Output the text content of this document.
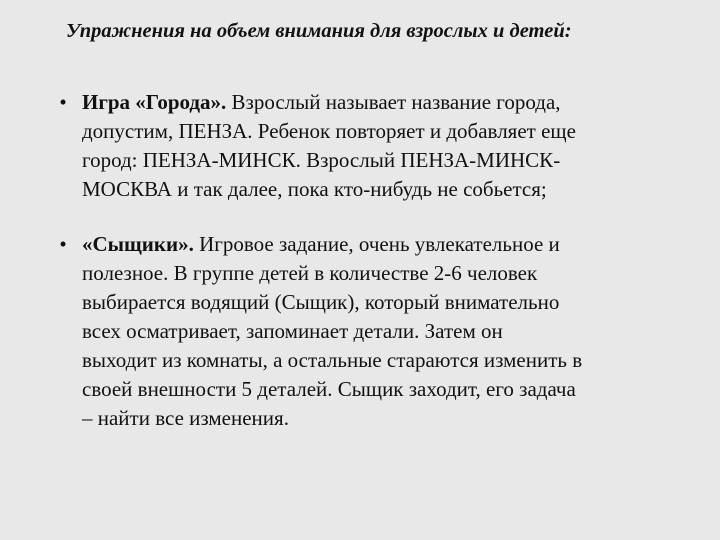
Упражнения на объем внимания для взрослых и детей:
• Игра «Города». Взрослый называет название города,
допустим, ПЕНЗА. Ребенок повторяет и добавляет еще
город: ПЕНЗА-МИНСК. Взрослый ПЕНЗА-МИНСК-
МОСКВА и так далее, пока кто-нибудь не собьется;
• «Сыщики». Игровое задание, очень увлекательное и
полезное. В группе детей в количестве 2-6 человек
выбирается водящий (Сыщик), который внимательно
всех осматривает, запоминает детали. Затем он
выходит из комнаты, а остальные стараются изменить в
своей внешности 5 деталей. Сыщик заходит, его задача
– найти все изменения.
